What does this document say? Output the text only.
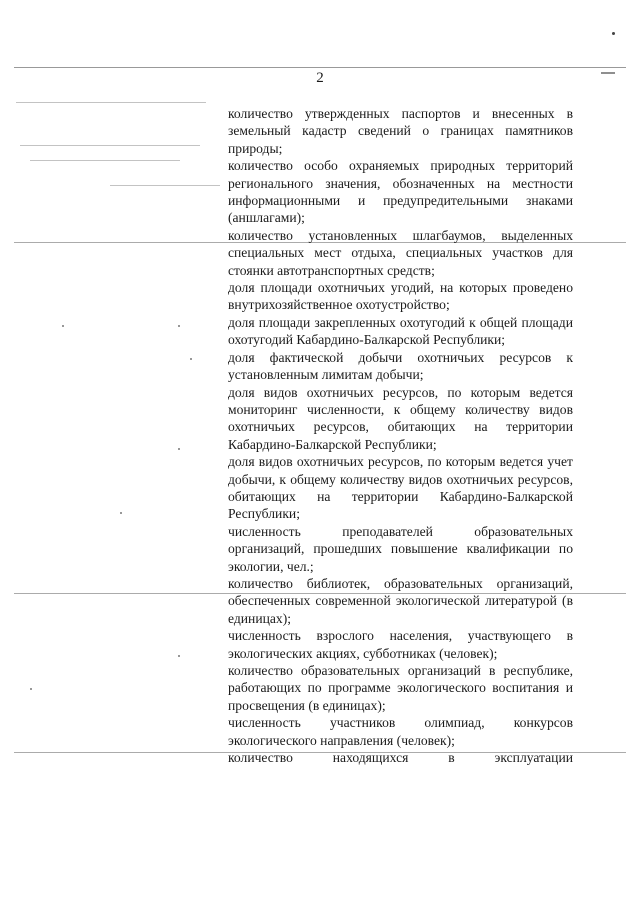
2

количество утвержденных паспортов и внесенных в земельный кадастр сведений о границах памятников природы;

количество особо охраняемых природных территорий регионального значения, обозначенных на местности информационными и предупредительными знаками (аншлагами);

количество установленных шлагбаумов, выделенных специальных мест отдыха, специальных участков для стоянки автотранспортных средств;

доля площади охотничьих угодий, на которых проведено внутрихозяйственное охотустройство;

доля площади закрепленных охотугодий к общей площади охотугодий Кабардино-Балкарской Республики;

доля фактической добычи охотничьих ресурсов к установленным лимитам добычи;

доля видов охотничьих ресурсов, по которым ведется мониторинг численности, к общему количеству видов охотничьих ресурсов, обитающих на территории Кабардино-Балкарской Республики;

доля видов охотничьих ресурсов, по которым ведется учет добычи, к общему количеству видов охотничьих ресурсов, обитающих на территории Кабардино-Балкарской Республики;

численность преподавателей образовательных организаций, прошедших повышение квалификации по экологии, чел.;

количество библиотек, образовательных организаций, обеспеченных современной экологической литературой (в единицах);

численность взрослого населения, участвующего в экологических акциях, субботниках (человек);

количество образовательных организаций в республике, работающих по программе экологического воспитания и просвещения (в единицах);

численность участников олимпиад, конкурсов экологического направления (человек);

количество находящихся в эксплуатации
